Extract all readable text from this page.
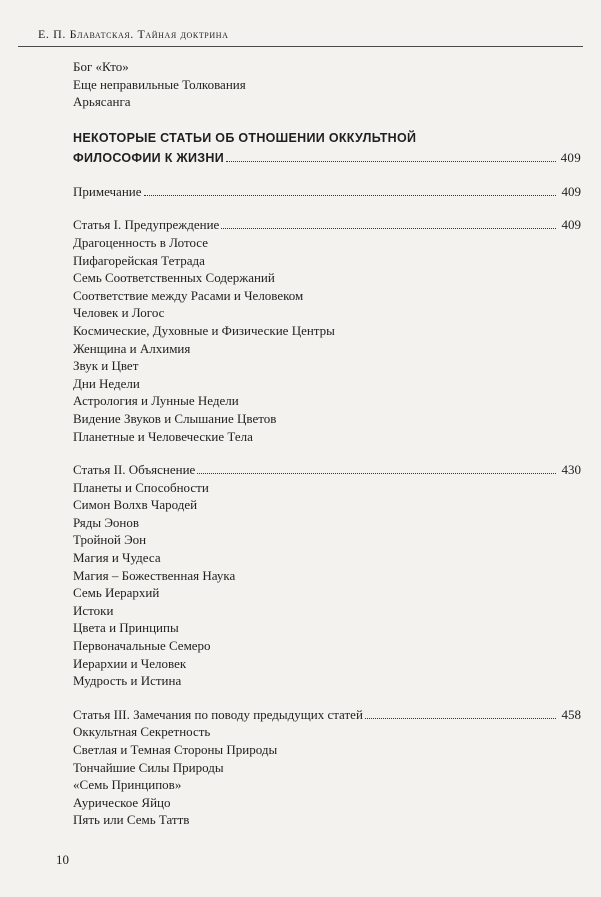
Е. П. Блаватская. Тайная доктрина
Бог «Кто»
Еще неправильные Толкования
Арьясанга
НЕКОТОРЫЕ СТАТЬИ ОБ ОТНОШЕНИИ ОККУЛЬТНОЙ
ФИЛОСОФИИ К ЖИЗНИ	409
Примечание	409
Статья I. Предупреждение	409
Драгоценность в Лотосе
Пифагорейская Тетрада
Семь Соответственных Содержаний
Соответствие между Расами и Человеком
Человек и Логос
Космические, Духовные и Физические Центры
Женщина и Алхимия
Звук и Цвет
Дни Недели
Астрология и Лунные Недели
Видение Звуков и Слышание Цветов
Планетные и Человеческие Тела
Статья II. Объяснение	430
Планеты и Способности
Симон Волхв Чародей
Ряды Эонов
Тройной Эон
Магия и Чудеса
Магия – Божественная Наука
Семь Иерархий
Истоки
Цвета и Принципы
Первоначальные Семеро
Иерархии и Человек
Мудрость и Истина
Статья III. Замечания по поводу предыдущих статей	458
Оккультная Секретность
Светлая и Темная Стороны Природы
Тончайшие Силы Природы
«Семь Принципов»
Аурическое Яйцо
Пять или Семь Таттв
10
